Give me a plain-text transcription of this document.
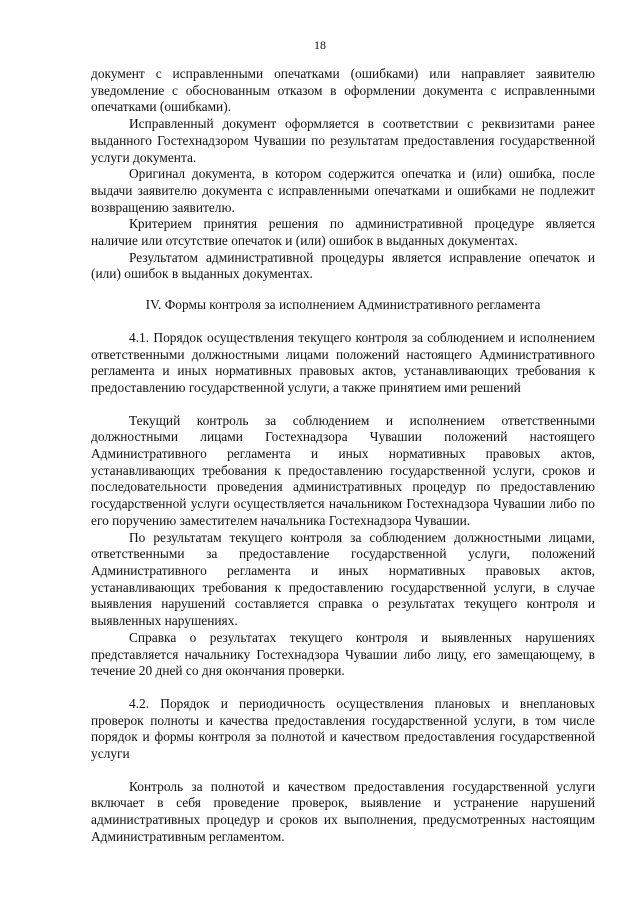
18

документ с исправленными опечатками (ошибками) или направляет заявителю уведомление с обоснованным отказом в оформлении документа с исправленными опечатками (ошибками).

Исправленный документ оформляется в соответствии с реквизитами ранее выданного Гостехнадзором Чувашии по результатам предоставления государственной услуги документа.

Оригинал документа, в котором содержится опечатка и (или) ошибка, после выдачи заявителю документа с исправленными опечатками и ошибками не подлежит возвращению заявителю.

Критерием принятия решения по административной процедуре является наличие или отсутствие опечаток и (или) ошибок в выданных документах.

Результатом административной процедуры является исправление опечаток и (или) ошибок в выданных документах.

IV. Формы контроля за исполнением Административного регламента

4.1. Порядок осуществления текущего контроля за соблюдением и исполнением ответственными должностными лицами положений настоящего Административного регламента и иных нормативных правовых актов, устанавливающих требования к предоставлению государственной услуги, а также принятием ими решений

Текущий контроль за соблюдением и исполнением ответственными должностными лицами Гостехнадзора Чувашии положений настоящего Административного регламента и иных нормативных правовых актов, устанавливающих требования к предоставлению государственной услуги, сроков и последовательности проведения административных процедур по предоставлению государственной услуги осуществляется начальником Гостехнадзора Чувашии либо по его поручению заместителем начальника Гостехнадзора Чувашии.

По результатам текущего контроля за соблюдением должностными лицами, ответственными за предоставление государственной услуги, положений Административного регламента и иных нормативных правовых актов, устанавливающих требования к предоставлению государственной услуги, в случае выявления нарушений составляется справка о результатах текущего контроля и выявленных нарушениях.

Справка о результатах текущего контроля и выявленных нарушениях представляется начальнику Гостехнадзора Чувашии либо лицу, его замещающему, в течение 20 дней со дня окончания проверки.

4.2. Порядок и периодичность осуществления плановых и внеплановых проверок полноты и качества предоставления государственной услуги, в том числе порядок и формы контроля за полнотой и качеством предоставления государственной услуги

Контроль за полнотой и качеством предоставления государственной услуги включает в себя проведение проверок, выявление и устранение нарушений административных процедур и сроков их выполнения, предусмотренных настоящим Административным регламентом.
